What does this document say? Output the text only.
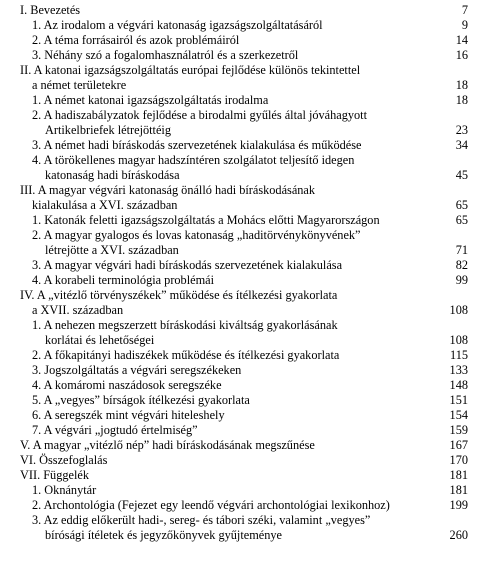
I. Bevezetés	7
1. Az irodalom a végvári katonaság igazságszolgáltatásáról	9
2. A téma forrásairól és azok problémáiról	14
3. Néhány szó a fogalomhasználatról és a szerkezetről	16
II. A katonai igazságszolgáltatás európai fejlődése különös tekintettel
a német területekre	18
1. A német katonai igazságszolgáltatás irodalma	18
2. A hadiszabályzatok fejlődése a birodalmi gyűlés által jóváhagyott
Artikelbriefek létrejöttéig	23
3. A német hadi bíráskodás szervezetének kialakulása és működése	34
4. A törökellenes magyar hadszíntéren szolgálatot teljesítő idegen
katonaság hadi bíráskodása	45
III. A magyar végvári katonaság önálló hadi bíráskodásának
kialakulása a XVI. században	65
1. Katonák feletti igazságszolgáltatás a Mohács előtti Magyarországon	65
2. A magyar gyalogos és lovas katonaság „haditörvénykönyvének”
létrejötte a XVI. században	71
3. A magyar végvári hadi bíráskodás szervezetének kialakulása	82
4. A korabeli terminológia problémái	99
IV. A „vitézlő törvényszékek” működése és ítélkezési gyakorlata
a XVII. században	108
1. A nehezen megszerzett bíráskodási kiváltság gyakorlásának
korlátai és lehetőségei	108
2. A főkapitányi hadiszékek működése és ítélkezési gyakorlata	115
3. Jogszolgáltatás a végvári seregszékeken	133
4. A komáromi naszádosok seregszéke	148
5. A „vegyes” bírságok ítélkezési gyakorlata	151
6. A seregszék mint végvári hiteleshely	154
7. A végvári „jogtudó értelmiség”	159
V. A magyar „vitézlő nép” hadi bíráskodásának megszűnése	167
VI. Összefoglalás	170
VII. Függelék	181
1. Oknánytár	181
2. Archontológia (Fejezet egy leendő végvári archontológiai lexikonhoz)	199
3. Az eddig előkerült hadi-, sereg- és tábori széki, valamint „vegyes”
bírósági ítéletek és jegyzőkönyvek gyűjteménye	260
